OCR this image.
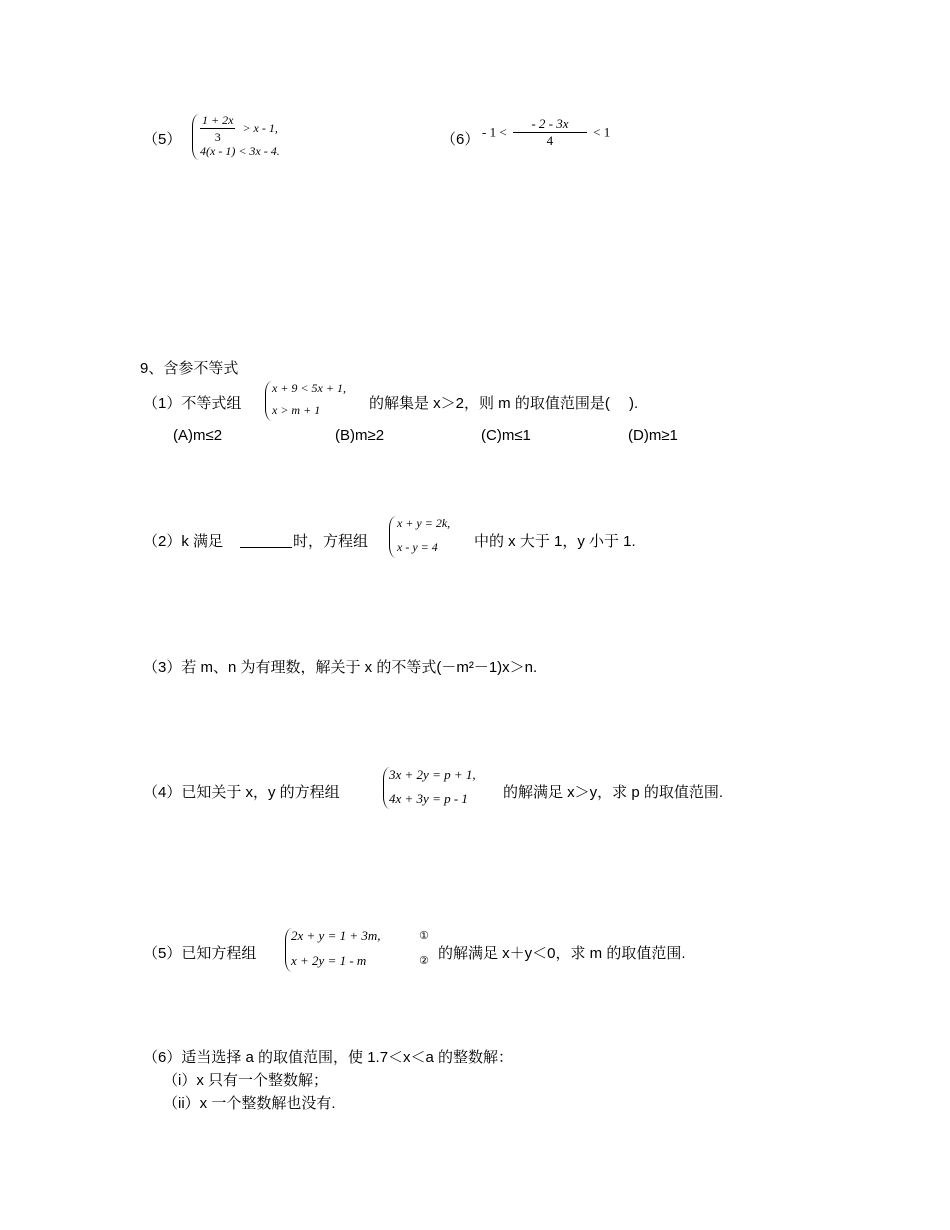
$(5) \frac{1 + 2x}{3} > x - 1$,
4(x - 1) < 3x - 4.
$(6) - 1 < \frac{- 2 - 3x}{4} < 1$
9、含参不等式
（1）不等式组
x + 9 < 5x + 1,
x > m + 1	的解集是 x＞2，则 m 的取值范围是(　 ).
(A)m≤2	(B)m≥2	(C)m≤1	(D)m≥1
（2）k 满足	时，方程组
x + y = 2k,
x - y = 4 中的 x 大于 1，y 小于 1.
（3）若 m、n 为有理数，解关于 x 的不等式(－m²－1)x＞n.
（4）已知关于 x，y 的方程组
3x + 2y = p + 1,
4x + 3y = p - 1 的解满足 x＞y，求 p 的取值范围.
（5）已知方程组
2x + y = 1 + 3m,
x + 2y = 1 - m
①
② 的解满足 x＋y＜0，求 m 的取值范围.
（6）适当选择 a 的取值范围，使 1.7＜x＜a 的整数解：
（i）x 只有一个整数解；
（ii）x 一个整数解也没有.
